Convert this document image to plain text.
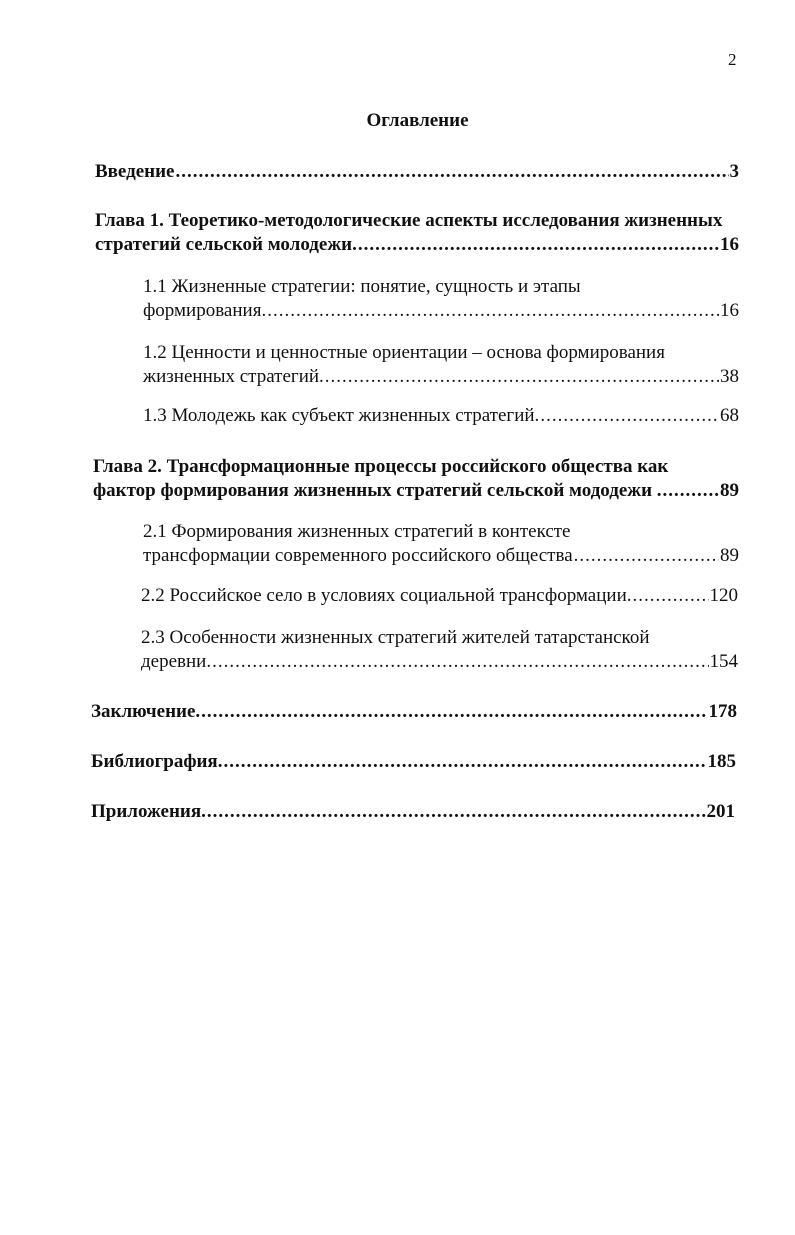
2
Оглавление
Введение .....	3
Глава 1. Теоретико-методологические аспекты исследования жизненных
стратегий сельской молодежи. .....	16
1.1 Жизненные стратегии: понятие, сущность и этапы
формирования. .....	16
1.2 Ценности и ценностные ориентации – основа формирования
жизненных стратегий. .....	38
1.3 Молодежь как субъект жизненных стратегий. .....	68
Глава 2. Трансформационные процессы российского общества как
фактор формирования жизненных стратегий сельской мододежи . .....	89
2.1 Формирования жизненных стратегий в контексте
трансформации современного российского общества .....	89
2.2 Российское село в условиях социальной трансформации. .....	120
2.3 Особенности жизненных стратегий жителей татарстанской
деревни. .....	154
Заключение. .....	178
Библиография. .....	185
Приложения. .....	201
